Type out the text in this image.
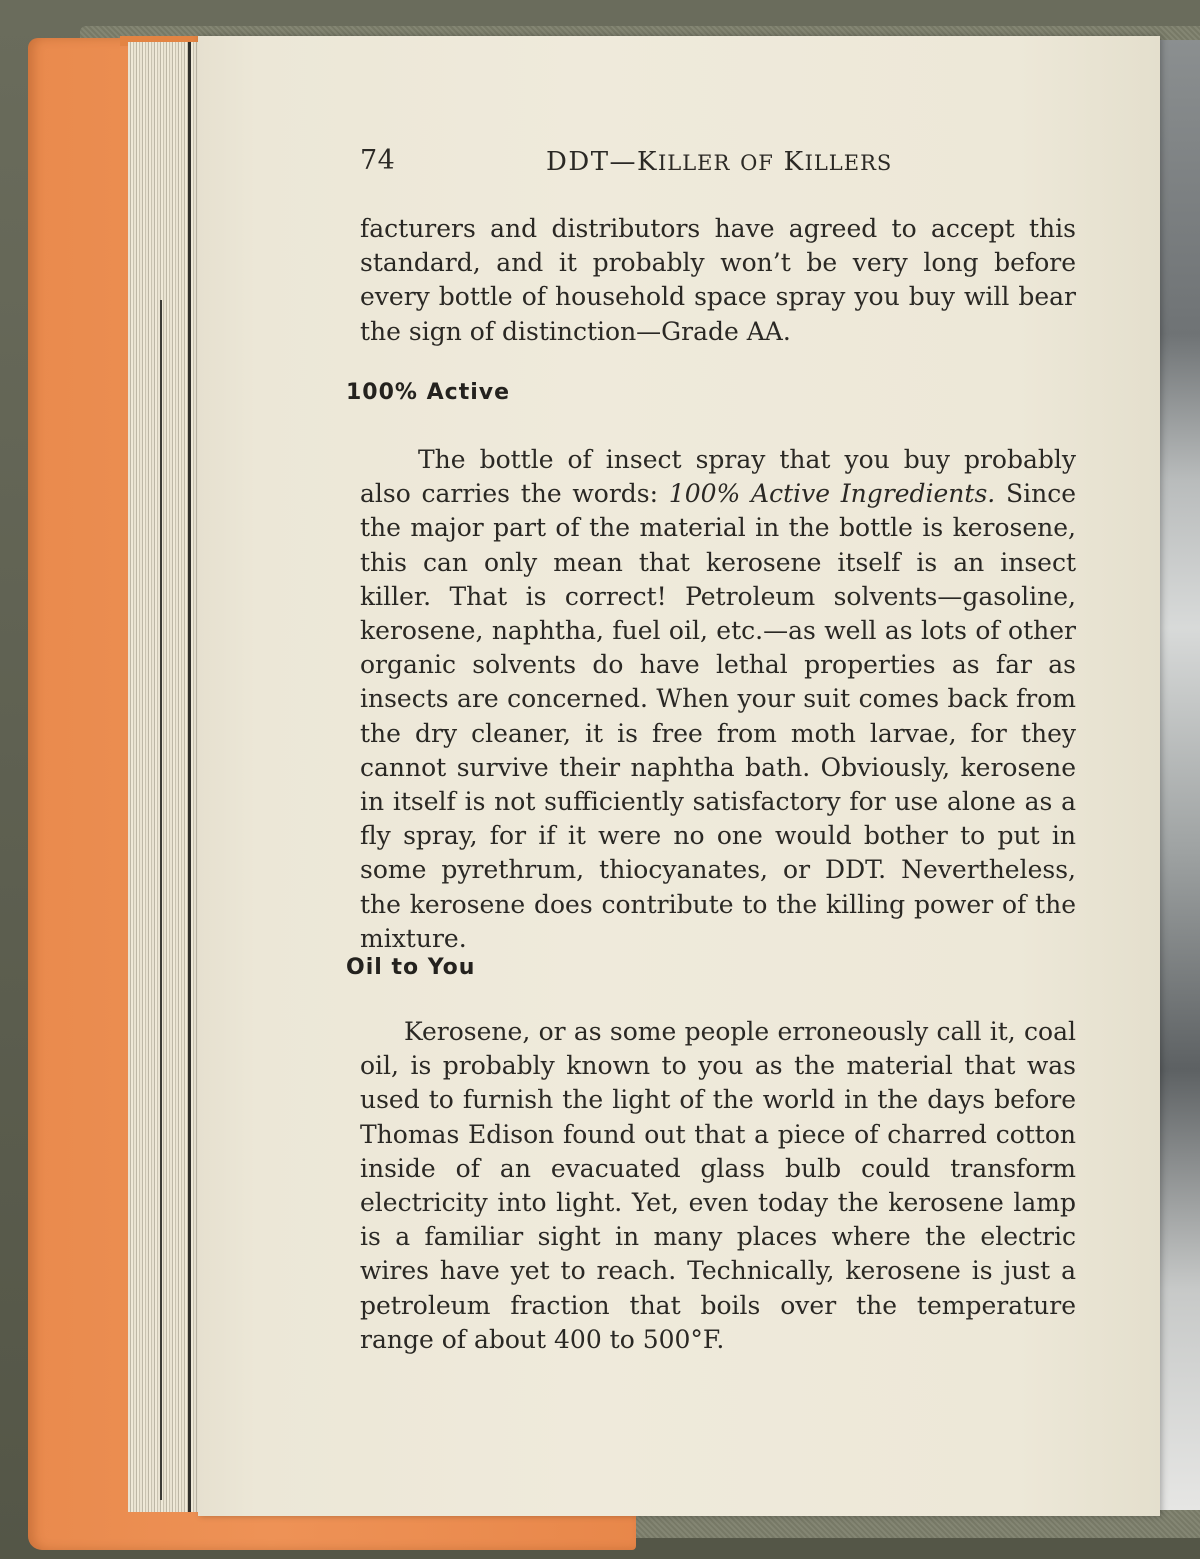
74	DDT—KILLER OF KILLERS
facturers and distributors have agreed to accept this standard, and it probably won’t be very long before every bottle of household space spray you buy will bear the sign of distinction—Grade AA.
100% Active
The bottle of insect spray that you buy probably also carries the words: 100% Active Ingredients. Since the major part of the material in the bottle is kerosene, this can only mean that kerosene itself is an insect killer. That is correct! Petroleum solvents—gasoline, kerosene, naphtha, fuel oil, etc.—as well as lots of other organic solvents do have lethal properties as far as insects are concerned. When your suit comes back from the dry cleaner, it is free from moth larvae, for they cannot survive their naphtha bath. Obviously, kerosene in itself is not sufficiently satisfactory for use alone as a fly spray, for if it were no one would bother to put in some pyrethrum, thiocyanates, or DDT. Nevertheless, the kerosene does contribute to the killing power of the mixture.
Oil to You
Kerosene, or as some people erroneously call it, coal oil, is probably known to you as the material that was used to furnish the light of the world in the days before Thomas Edison found out that a piece of charred cotton inside of an evacuated glass bulb could transform electricity into light. Yet, even today the kerosene lamp is a familiar sight in many places where the electric wires have yet to reach. Technically, kerosene is just a petroleum fraction that boils over the temperature range of about 400 to 500°F.
